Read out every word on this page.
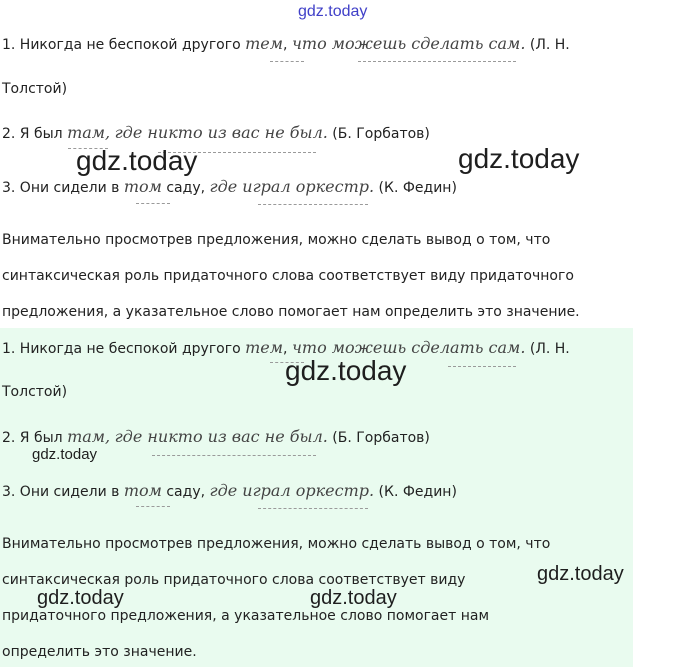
1. Никогда не беспокой другого тем, что можешь сделать сам. (Л. Н.
Толстой)
2. Я был там, где никто из вас не был. (Б. Горбатов)
3. Они сидели в том саду, где играл оркестр. (К. Федин)
Внимательно просмотрев предложения, можно сделать вывод о том, что
синтаксическая роль придаточного слова соответствует виду придаточного
предложения, а указательное слово помогает нам определить это значение.
1. Никогда не беспокой другого тем, что можешь сделать сам. (Л. Н.
Толстой)
2. Я был там, где никто из вас не был. (Б. Горбатов)
3. Они сидели в том саду, где играл оркестр. (К. Федин)
Внимательно просмотрев предложения, можно сделать вывод о том, что
синтаксическая роль придаточного слова соответствует виду
придаточного предложения, а указательное слово помогает нам
определить это значение.
gdz.today
gdz.today	gdz.today
gdz.today
gdz.today
gdz.today
gdz.today	gdz.today
